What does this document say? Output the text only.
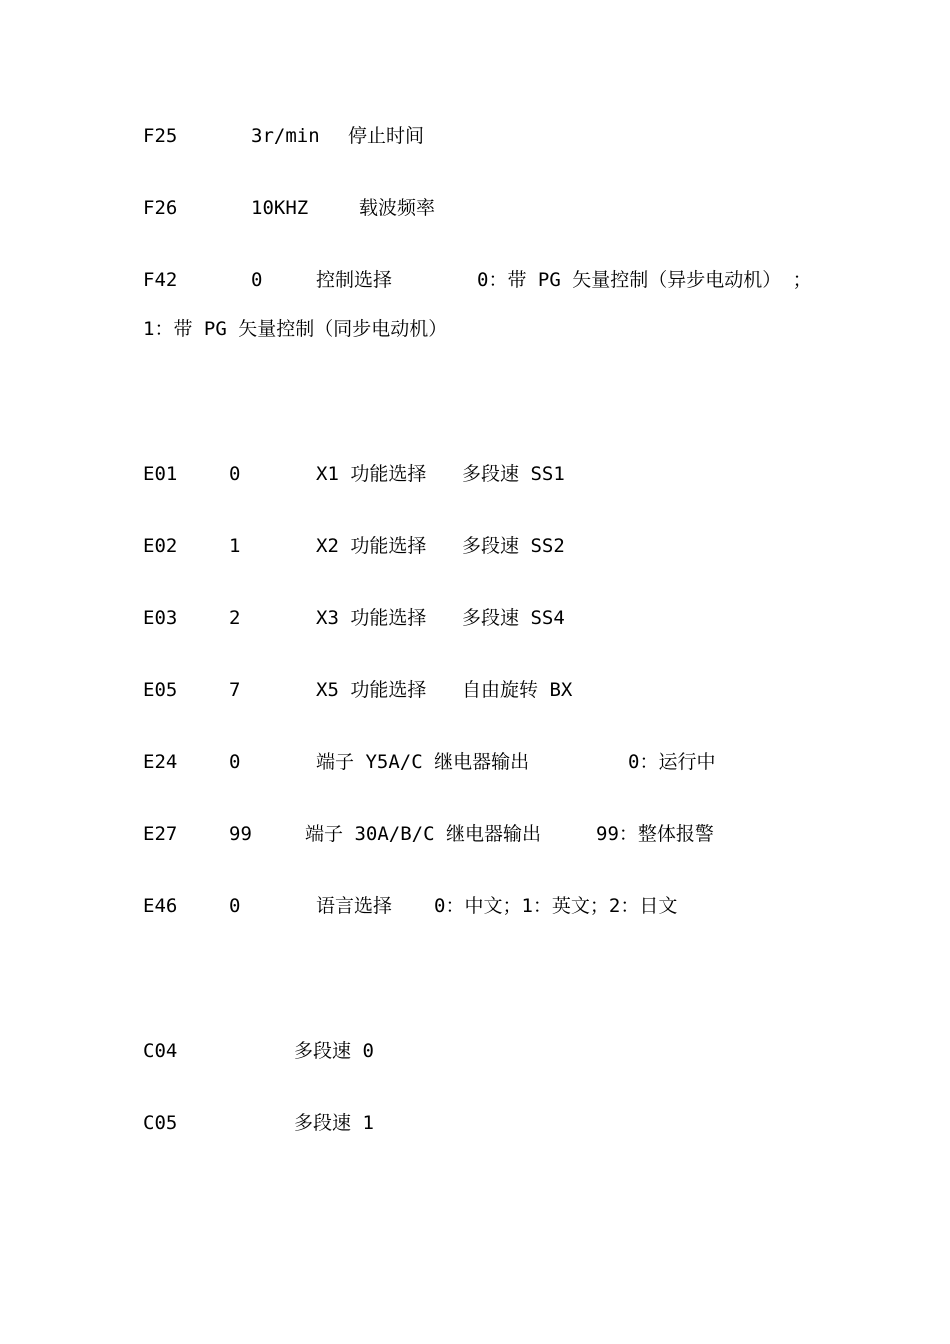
F25	3r/min 停止时间
F26	10KHZ	载波频率
F42	0	控制选择	0：带 PG 矢量控制（异步电动机） ；
1：带 PG 矢量控制（同步电动机）
E01	0	X1 功能选择 多段速 SS1
E02	1	X2 功能选择 多段速 SS2
E03	2	X3 功能选择 多段速 SS4
E05	7	X5 功能选择 自由旋转 BX
E24	0	端子 Y5A/C 继电器输出	0：运行中
E27	99	端子 30A/B/C 继电器输出	99：整体报警
E46	0	语言选择 0：中文；1：英文；2：日文
C04	多段速 0
C05	多段速 1
